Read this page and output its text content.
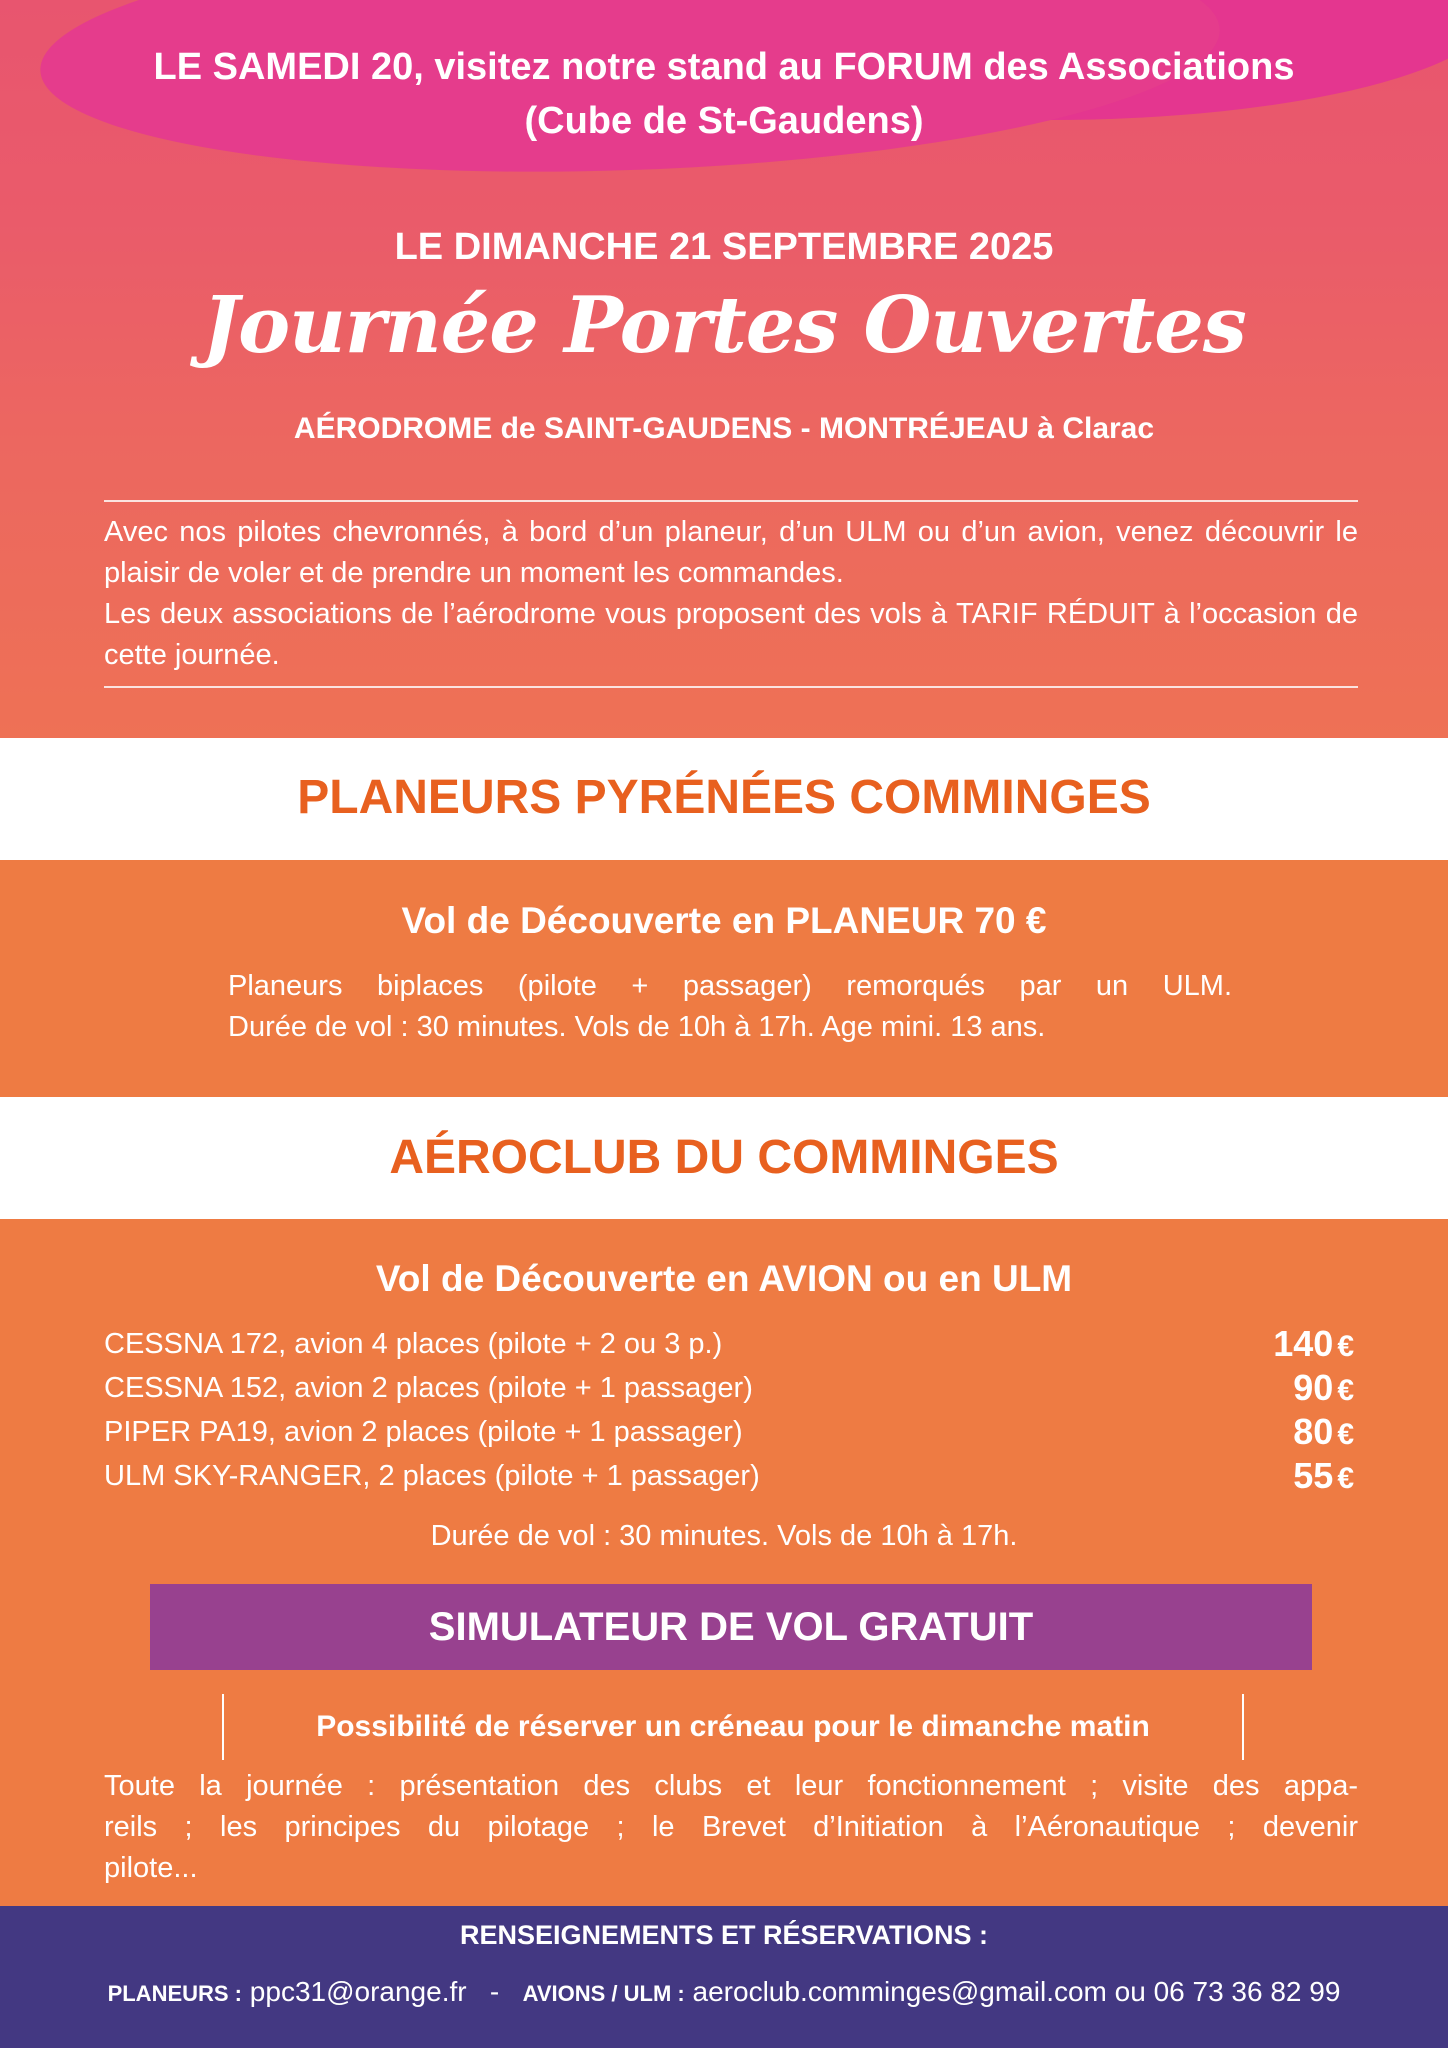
LE SAMEDI 20, visitez notre stand au FORUM des Associations
(Cube de St-Gaudens)
LE DIMANCHE 21 SEPTEMBRE 2025
Journée Portes Ouvertes
AÉRODROME de SAINT-GAUDENS - MONTRÉJEAU à Clarac

Avec nos pilotes chevronnés, à bord d’un planeur, d’un ULM ou d’un avion, venez découvrir le plaisir de voler et de prendre un moment les commandes.

Les deux associations de l’aérodrome vous proposent des vols à TARIF RÉDUIT à l’occasion de cette journée.

PLANEURS PYRÉNÉES COMMINGES
Vol de Découverte en PLANEUR 70 €

Planeurs biplaces (pilote + passager) remorqués par un ULM.

Durée de vol : 30 minutes. Vols de 10h à 17h. Age mini. 13 ans.

AÉROCLUB DU COMMINGES
Vol de Découverte en AVION ou en ULM
CESSNA 172, avion 4 places (pilote + 2 ou 3 p.)	140 €
CESSNA 152, avion 2 places (pilote + 1 passager)	90 €
PIPER PA19, avion 2 places (pilote + 1 passager)	80 €
ULM SKY-RANGER, 2 places (pilote + 1 passager)	55 €
Durée de vol : 30 minutes. Vols de 10h à 17h.
SIMULATEUR DE VOL GRATUIT
Possibilité de réserver un créneau pour le dimanche matin

Toute la journée : présentation des clubs et leur fonctionnement ; visite des appa-

reils ; les principes du pilotage ; le Brevet d’Initiation à l’Aéronautique ; devenir

pilote...

RENSEIGNEMENTS ET RÉSERVATIONS :
PLANEURS : ppc31@orange.fr - AVIONS / ULM : aeroclub.comminges@gmail.com ou 06 73 36 82 99
